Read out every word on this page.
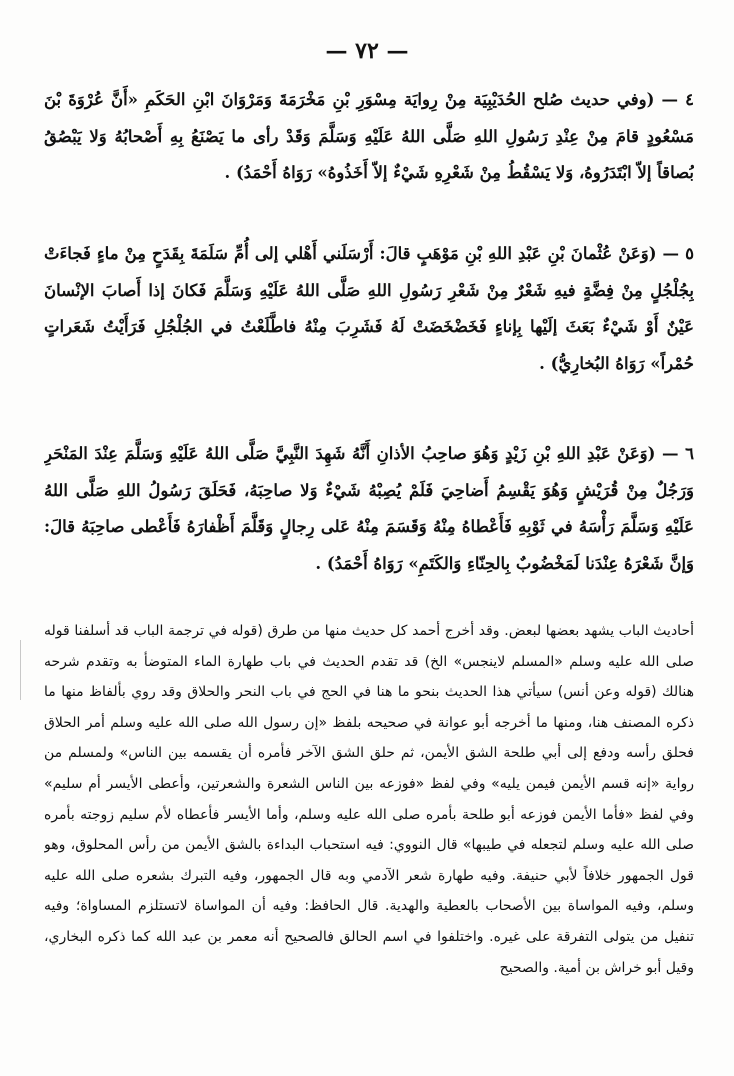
— ٧٢ —

٤ — (وفي حديث صُلح الحُدَيْبِيَة مِنْ رِوايَة مِسْوَرِ بْنِ مَخْرَمَةَ وَمَرْوَانَ ابْنِ الحَكَمِ «أَنَّ عُرْوَةَ بْنَ مَسْعُودٍ قامَ مِنْ عِنْدِ رَسُولِ اللهِ صَلَّى اللهُ عَلَيْهِ وَسَلَّمَ وَقَدْ رأى ما يَصْنَعُ بِهِ أَصْحابُهُ وَلا يَبْصُقُ بُصاقاً إلاّ ابْتَدَرُوهُ، وَلا يَسْقُطُ مِنْ شَعْرِهِ شَيْءٌ إلاّ أَخَذُوهُ» رَوَاهُ أَحْمَدُ) .

٥ — (وَعَنْ عُثْمانَ بْنِ عَبْدِ اللهِ بْنِ مَوْهَبٍ قالَ: أَرْسَلَني أَهْلي إلى أُمِّ سَلَمَةَ بِقَدَحٍ مِنْ ماءٍ فَجاءَتْ بِجُلْجُلٍ مِنْ فِضَّةٍ فيهِ شَعْرٌ مِنْ شَعْرِ رَسُولِ اللهِ صَلَّى اللهُ عَلَيْهِ وَسَلَّمَ فَكانَ إذا أَصابَ الإنْسانَ عَيْنٌ أَوْ شَيْءٌ بَعَثَ إلَيْها بِإناءٍ فَخَضْخَضَتْ لَهُ فَشَرِبَ مِنْهُ فاطَّلَعْتُ في الجُلْجُلِ فَرَأَيْتُ شَعَراتٍ حُمْراً» رَوَاهُ البُخارِيُّ) .

٦ — (وَعَنْ عَبْدِ اللهِ بْنِ زَيْدٍ وَهُوَ صاحِبُ الأذانِ أَنَّهُ شَهِدَ النَّبِيَّ صَلَّى اللهُ عَلَيْهِ وَسَلَّمَ عِنْدَ المَنْحَرِ وَرَجُلٌ مِنْ قُرَيْشٍ وَهُوَ يَقْسِمُ أَضاحِيَ فَلَمْ يُصِبْهُ شَيْءٌ وَلا صاحِبَهُ، فَحَلَقَ رَسُولُ اللهِ صَلَّى اللهُ عَلَيْهِ وَسَلَّمَ رَأْسَهُ في ثَوْبِهِ فَأَعْطاهُ مِنْهُ وَقَسَمَ مِنْهُ عَلى رِجالٍ وَقَلَّمَ أَظْفارَهُ فَأَعْطى صاحِبَهُ قالَ: وَإنَّ شَعْرَهُ عِنْدَنا لَمَخْضُوبٌ بِالحِنّاءِ وَالكَتَمِ» رَوَاهُ أَحْمَدُ) .

أحاديث الباب يشهد بعضها لبعض. وقد أخرج أحمد كل حديث منها من طرق (قوله في ترجمة الباب قد أسلفنا قوله صلى الله عليه وسلم «المسلم لاينجس» الخ) قد تقدم الحديث في باب طهارة الماء المتوضأ به وتقدم شرحه هنالك (قوله وعن أنس) سيأتي هذا الحديث بنحو ما هنا في الحج في باب النحر والحلاق وقد روي بألفاظ منها ما ذكره المصنف هنا، ومنها ما أخرجه أبو عوانة في صحيحه بلفظ «إن رسول الله صلى الله عليه وسلم أمر الحلاق فحلق رأسه ودفع إلى أبي طلحة الشق الأيمن، ثم حلق الشق الآخر فأمره أن يقسمه بين الناس» ولمسلم من رواية «إنه قسم الأيمن فيمن يليه» وفي لفظ «فوزعه بين الناس الشعرة والشعرتين، وأعطى الأيسر أم سليم» وفي لفظ «فأما الأيمن فوزعه أبو طلحة بأمره صلى الله عليه وسلم، وأما الأيسر فأعطاه لأم سليم زوجته بأمره صلى الله عليه وسلم لتجعله في طيبها» قال النووي: فيه استحباب البداءة بالشق الأيمن من رأس المحلوق، وهو قول الجمهور خلافاً لأبي حنيفة. وفيه طهارة شعر الآدمي وبه قال الجمهور، وفيه التبرك بشعره صلى الله عليه وسلم، وفيه المواساة بين الأصحاب بالعطية والهدية. قال الحافظ: وفيه أن المواساة لاتستلزم المساواة؛ وفيه تنفيل من يتولى التفرقة على غيره. واختلفوا في اسم الحالق فالصحيح أنه معمر بن عبد الله كما ذكره البخاري، وقيل أبو خراش بن أمية. والصحيح
